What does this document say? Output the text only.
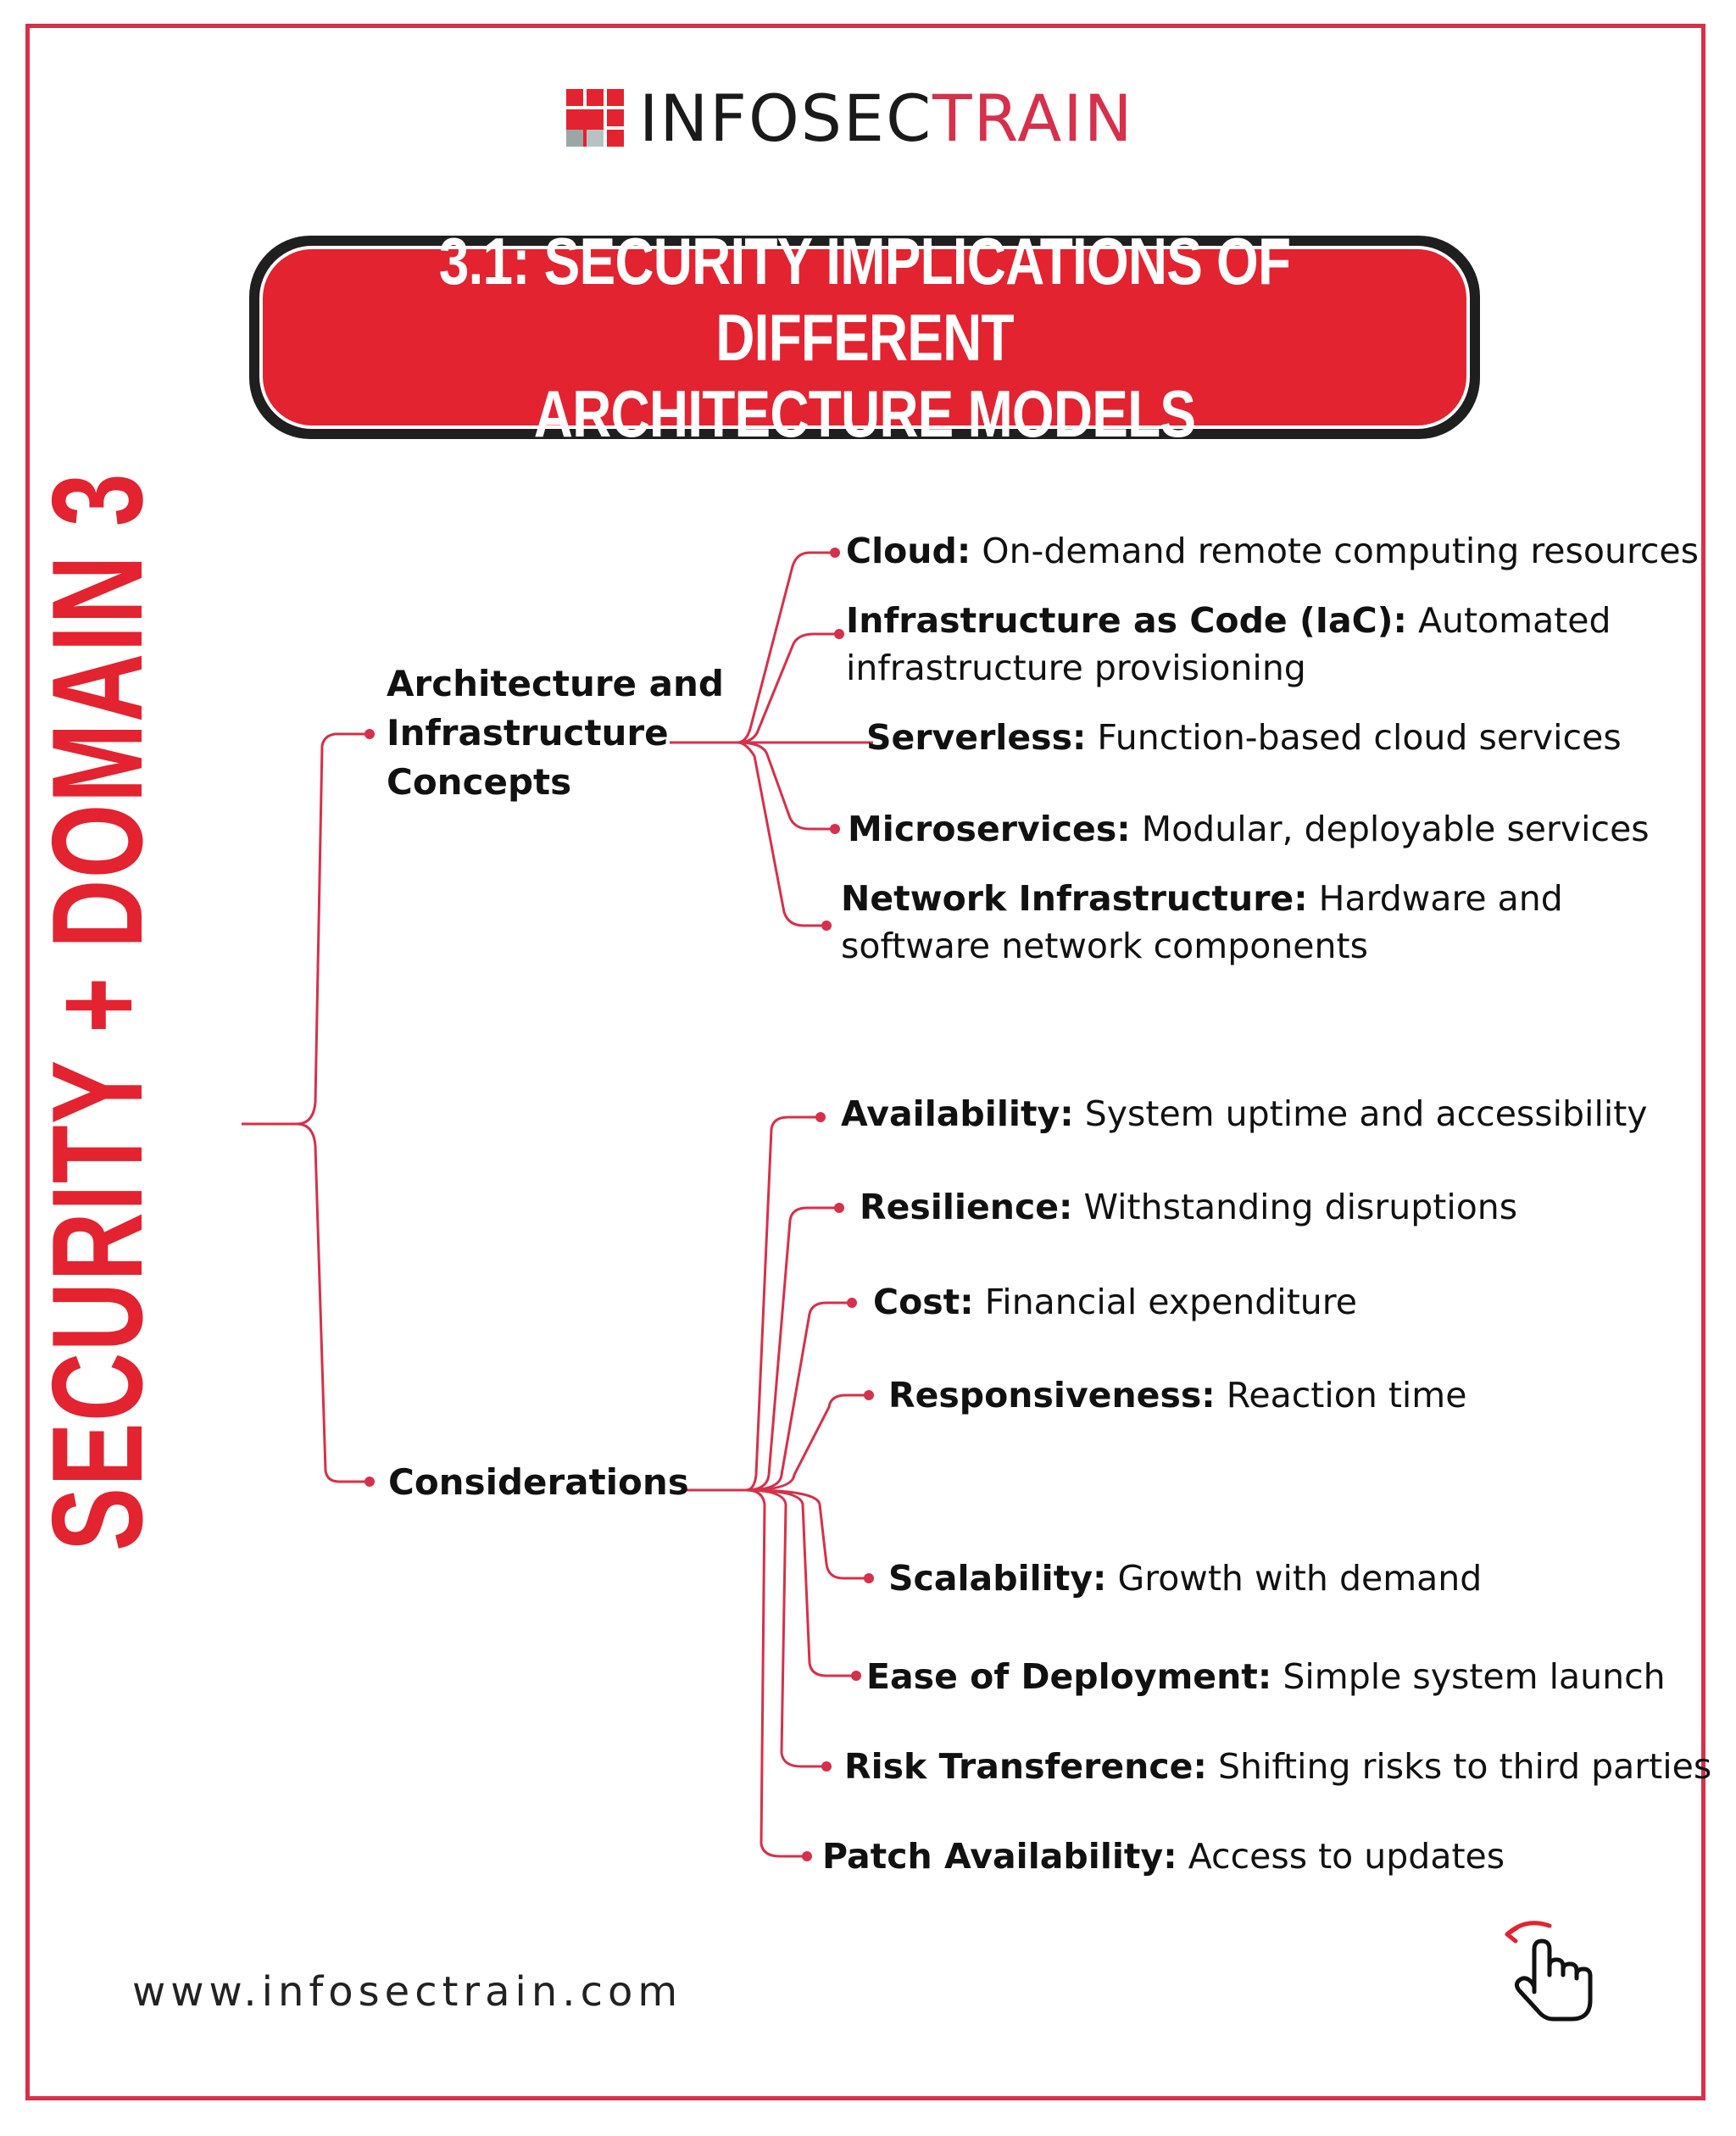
INFOSECTRAIN
3.1: SECURITY IMPLICATIONS OF DIFFERENT
ARCHITECTURE MODELS
SECURITY + DOMAIN 3	Architecture and
Infrastructure
Concepts
Considerations
Cloud: On-demand remote computing resources
Infrastructure as Code (IaC): Automated
infrastructure provisioning
Serverless: Function-based cloud services
Microservices: Modular, deployable services
Network Infrastructure: Hardware and
software network components
Availability: System uptime and accessibility
Resilience: Withstanding disruptions
Cost: Financial expenditure
Responsiveness: Reaction time
Scalability: Growth with demand
Ease of Deployment: Simple system launch
Risk Transference: Shifting risks to third parties
Patch Availability: Access to updates
www.infosectrain.com
